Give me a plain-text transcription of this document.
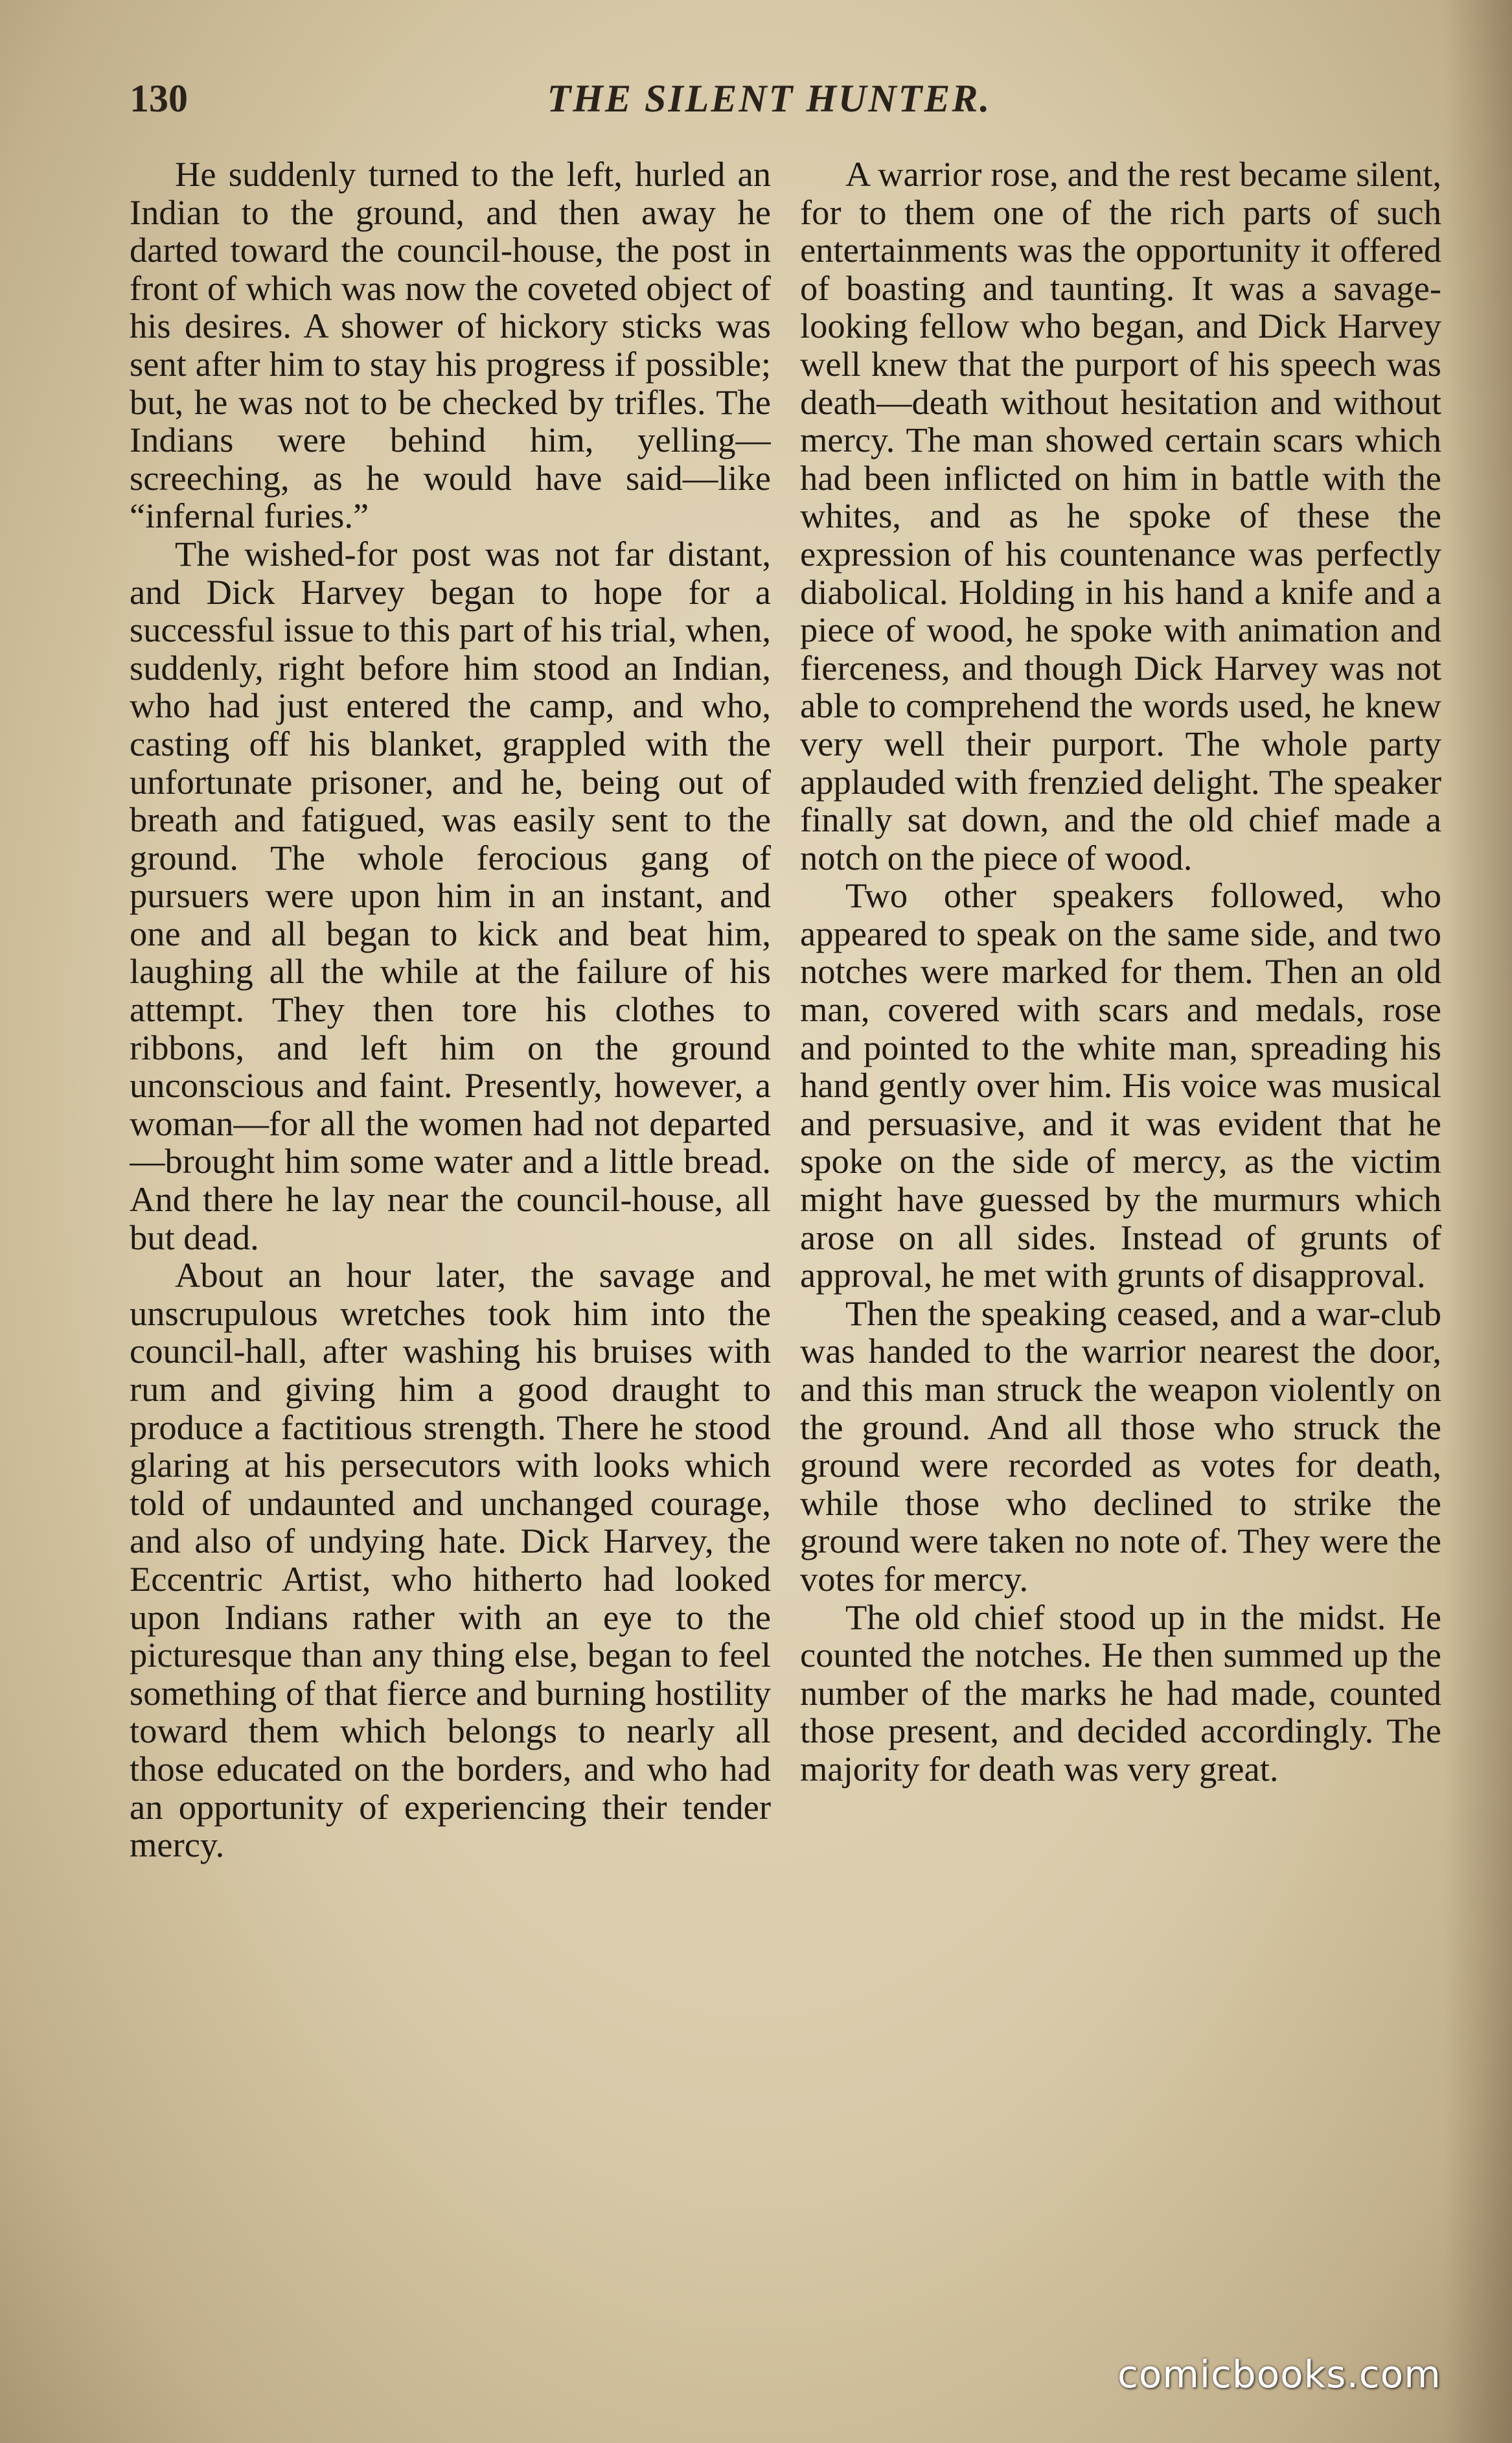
130	THE SILENT HUNTER.

He suddenly turned to the left, hurled an Indian to the ground, and then away he darted toward the council-house, the post in front of which was now the coveted object of his desires. A shower of hickory sticks was sent after him to stay his progress if possible; but, he was not to be checked by trifles. The Indians were behind him, yelling—screeching, as he would have said—like “infernal furies.”

The wished-for post was not far distant, and Dick Harvey began to hope for a successful issue to this part of his trial, when, suddenly, right before him stood an Indian, who had just entered the camp, and who, casting off his blanket, grappled with the unfortunate prisoner, and he, being out of breath and fatigued, was easily sent to the ground. The whole ferocious gang of pursuers were upon him in an instant, and one and all began to kick and beat him, laughing all the while at the failure of his attempt. They then tore his clothes to ribbons, and left him on the ground unconscious and faint. Presently, however, a woman—for all the women had not departed—brought him some water and a little bread. And there he lay near the council-house, all but dead.

About an hour later, the savage and unscrupulous wretches took him into the council-hall, after washing his bruises with rum and giving him a good draught to produce a factitious strength. There he stood glaring at his persecutors with looks which told of undaunted and unchanged courage, and also of undying hate. Dick Harvey, the Eccentric Artist, who hitherto had looked upon Indians rather with an eye to the picturesque than any thing else, began to feel something of that fierce and burning hostility toward them which belongs to nearly all those educated on the borders, and who had an opportunity of experiencing their tender mercy.

A warrior rose, and the rest became silent, for to them one of the rich parts of such entertainments was the opportunity it offered of boasting and taunting. It was a savage-looking fellow who began, and Dick Harvey well knew that the purport of his speech was death—death without hesitation and without mercy. The man showed certain scars which had been inflicted on him in battle with the whites, and as he spoke of these the expression of his countenance was perfectly diabolical. Holding in his hand a knife and a piece of wood, he spoke with animation and fierceness, and though Dick Harvey was not able to comprehend the words used, he knew very well their purport. The whole party applauded with frenzied delight. The speaker finally sat down, and the old chief made a notch on the piece of wood.

Two other speakers followed, who appeared to speak on the same side, and two notches were marked for them. Then an old man, covered with scars and medals, rose and pointed to the white man, spreading his hand gently over him. His voice was musical and persuasive, and it was evident that he spoke on the side of mercy, as the victim might have guessed by the murmurs which arose on all sides. Instead of grunts of approval, he met with grunts of disapproval.

Then the speaking ceased, and a war-club was handed to the warrior nearest the door, and this man struck the weapon violently on the ground. And all those who struck the ground were recorded as votes for death, while those who declined to strike the ground were taken no note of. They were the votes for mercy.

The old chief stood up in the midst. He counted the notches. He then summed up the number of the marks he had made, counted those present, and decided accordingly. The majority for death was very great.

comicbooks.com
